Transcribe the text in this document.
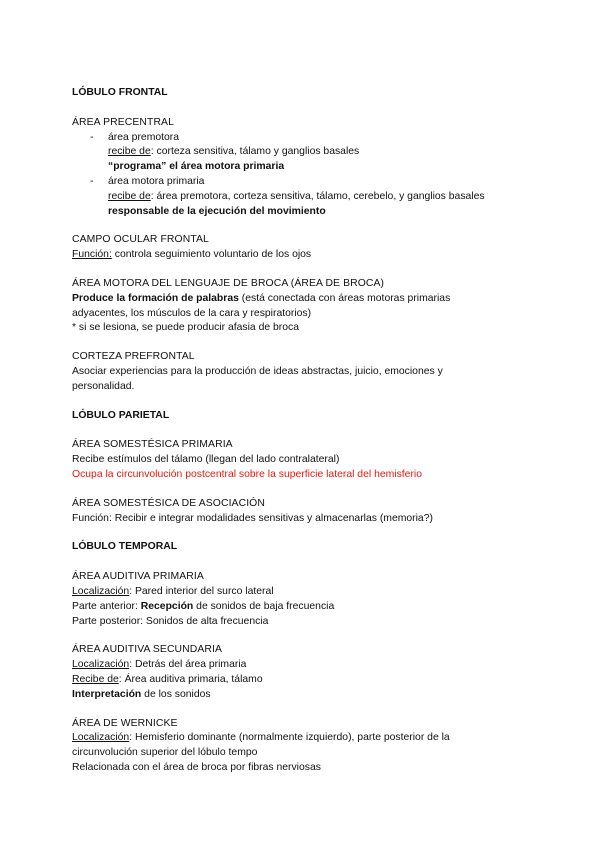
LÓBULO FRONTAL

ÁREA PRECENTRAL

- área premotora

recibe de: corteza sensitiva, tálamo y ganglios basales

“programa” el área motora primaria

- área motora primaria

recibe de: área premotora, corteza sensitiva, tálamo, cerebelo, y ganglios basales

responsable de la ejecución del movimiento

CAMPO OCULAR FRONTAL

Función: controla seguimiento voluntario de los ojos

ÁREA MOTORA DEL LENGUAJE DE BROCA (ÁREA DE BROCA)

Produce la formación de palabras (está conectada con áreas motoras primarias

adyacentes, los músculos de la cara y respiratorios)

* si se lesiona, se puede producir afasia de broca

CORTEZA PREFRONTAL

Asociar experiencias para la producción de ideas abstractas, juicio, emociones y

personalidad.

LÓBULO PARIETAL

ÁREA SOMESTÉSICA PRIMARIA

Recibe estímulos del tálamo (llegan del lado contralateral)

Ocupa la circunvolución postcentral sobre la superficie lateral del hemisferio

ÁREA SOMESTÉSICA DE ASOCIACIÓN

Función: Recibir e integrar modalidades sensitivas y almacenarlas (memoria?)

LÓBULO TEMPORAL

ÁREA AUDITIVA PRIMARIA

Localización: Pared interior del surco lateral

Parte anterior: Recepción de sonidos de baja frecuencia

Parte posterior: Sonidos de alta frecuencia

ÁREA AUDITIVA SECUNDARIA

Localización: Detrás del área primaria

Recibe de: Área auditiva primaria, tálamo

Interpretación de los sonidos

ÁREA DE WERNICKE

Localización: Hemisferio dominante (normalmente izquierdo), parte posterior de la

circunvolución superior del lóbulo tempo

Relacionada con el área de broca por fibras nerviosas
